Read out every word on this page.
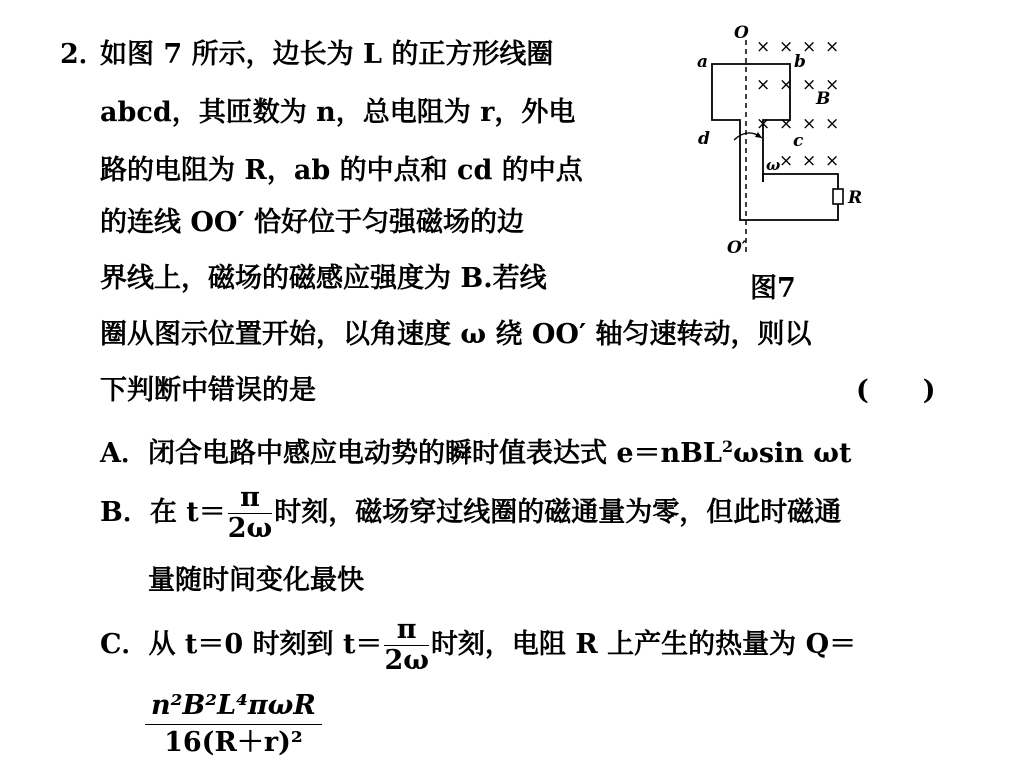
2．
如图 7 所示，边长为 L 的正方形线圈
abcd，其匝数为 n，总电阻为 r，外电
路的电阻为 R，ab 的中点和 cd 的中点
的连线 OO′ 恰好位于匀强磁场的边
界线上，磁场的磁感应强度为 B.若线
圈从图示位置开始，以角速度 ω 绕 OO′ 轴匀速转动，则以
下判断中错误的是	(　　)
× × × ×
× × × ×
× × × ×
× × ×
O
a	b
B
d	c
ω
R
O′
图7
A．闭合电路中感应电动势的瞬时值表达式 e＝nBL$^2$ωsin ωt
B．在 $t= \frac{\pi}{2\omega}$ 时刻，磁场穿过线圈的磁通量为零，但此时磁通
量随时间变化最快
C．从 t＝0 时刻到 $t= \frac{\pi}{2\omega}$ 时刻，电阻 R 上产生的热量为 Q＝
n²B²L⁴πωR
16(R＋r)²
